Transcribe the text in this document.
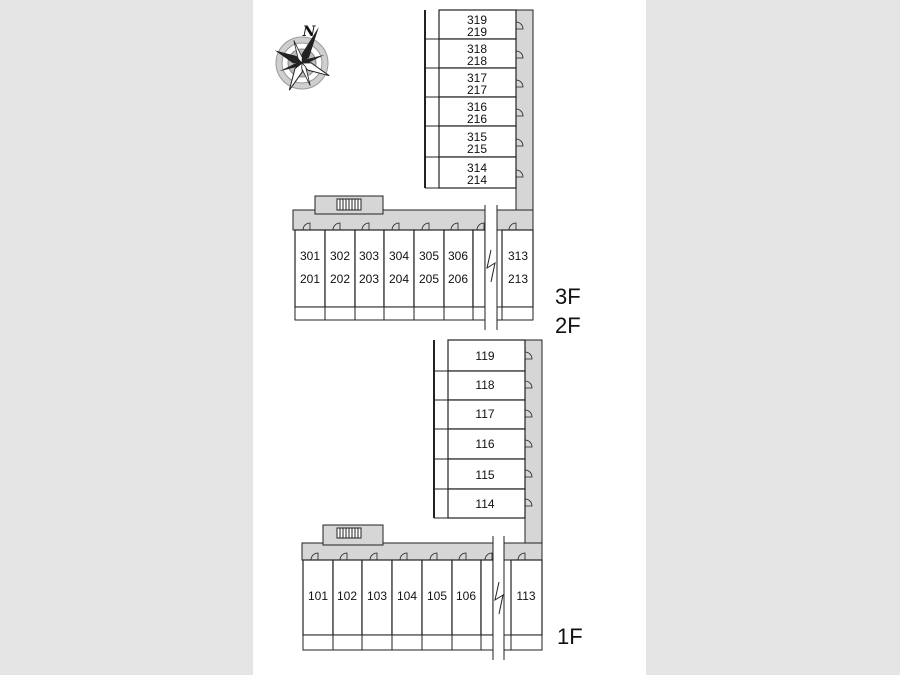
N
319
219
318
218
317
217
316
216
315
215
314
214
301
201
302
202
303
203
304
204
305
205
306
206
313
213
3F
2F
119
118
117
116
115
114
101 102 103 104 105 106	113
1F
